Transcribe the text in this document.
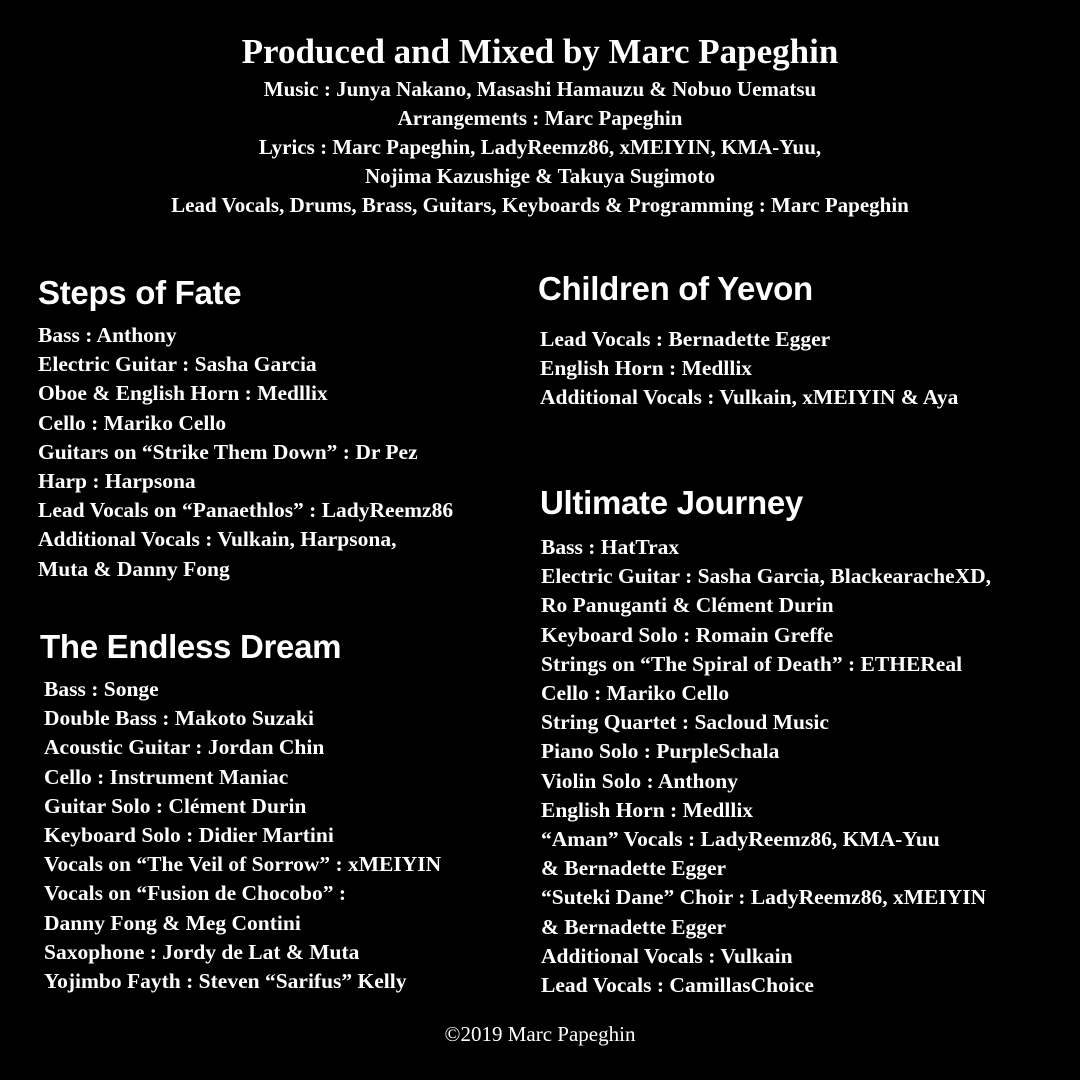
Produced and Mixed by Marc Papeghin
Music : Junya Nakano, Masashi Hamauzu & Nobuo Uematsu
Arrangements : Marc Papeghin
Lyrics : Marc Papeghin, LadyReemz86, xMEIYIN, KMA-Yuu,
Nojima Kazushige & Takuya Sugimoto
Lead Vocals, Drums, Brass, Guitars, Keyboards & Programming : Marc Papeghin
Steps of Fate
Bass : Anthony
Electric Guitar : Sasha Garcia
Oboe & English Horn : Medllix
Cello : Mariko Cello
Guitars on “Strike Them Down” : Dr Pez
Harp : Harpsona
Lead Vocals on “Panaethlos” : LadyReemz86
Additional Vocals : Vulkain, Harpsona,
Muta & Danny Fong
The Endless Dream
Bass : Songe
Double Bass : Makoto Suzaki
Acoustic Guitar : Jordan Chin
Cello : Instrument Maniac
Guitar Solo : Clément Durin
Keyboard Solo : Didier Martini
Vocals on “The Veil of Sorrow” : xMEIYIN
Vocals on “Fusion de Chocobo” :
Danny Fong & Meg Contini
Saxophone : Jordy de Lat & Muta
Yojimbo Fayth : Steven “Sarifus” Kelly
Children of Yevon
Lead Vocals : Bernadette Egger
English Horn : Medllix
Additional Vocals : Vulkain, xMEIYIN & Aya
Ultimate Journey
Bass : HatTrax
Electric Guitar : Sasha Garcia, BlackearacheXD,
Ro Panuganti & Clément Durin
Keyboard Solo : Romain Greffe
Strings on “The Spiral of Death” : ETHEReal
Cello : Mariko Cello
String Quartet : Sacloud Music
Piano Solo : PurpleSchala
Violin Solo : Anthony
English Horn : Medllix
“Aman” Vocals : LadyReemz86, KMA-Yuu
& Bernadette Egger
“Suteki Dane” Choir : LadyReemz86, xMEIYIN
& Bernadette Egger
Additional Vocals : Vulkain
Lead Vocals : CamillasChoice
©2019 Marc Papeghin
